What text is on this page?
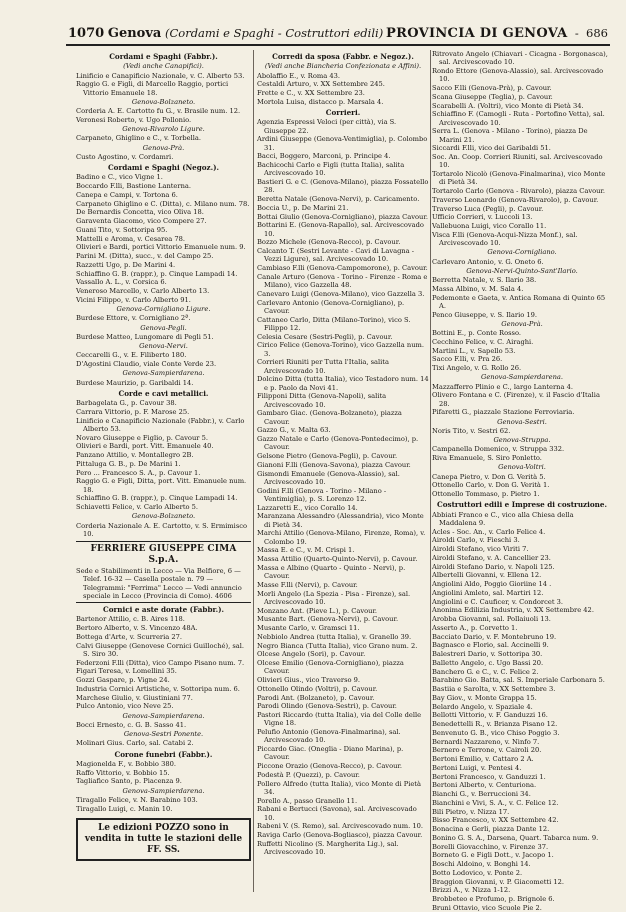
1070 Genova (Cordami e Spaghi - Costruttori edili) PROVINCIA DI GENOVA  -  686
Cordami e Spaghi (Fabbr.).
(Vedi anche Canapifici).
Linificio e Canapificio Nazionale, v. C. Alberto 53.
Raggio G. e Figli, di Marcello Raggio, portici Vittorio Emanuele 18.
Genova-Bolzaneto.
Corderia A. E. Cartotto fu G., v. Brasile num. 12.
Veronesi Roberto, v. Ugo Pollonio.
Genova-Rivarolo Ligure.
Carpaneto, Ghiglino e C., v. Torbella.
Genova-Prà.
Custo Agostino, v. Cordamri.
Cordami e Spaghi (Negoz.).
Badino e C., vico Vigne 1.
Boccardo F.lli, Bastione Lanterna.
Canepa e Campi, v. Tortona 6.
Carpaneto Ghiglino e C. (Ditta), c. Milano num. 78.
De Bernardis Concetta, vico Oliva 18.
Garaventa Giacomo, vico Compere 27.
Guani Tito, v. Sottoripa 95.
Mattelli e Aroma, v. Cesarea 78.
Olivieri e Bardi, portici Vittorio Emanuele num. 9.
Parini M. (Ditta), succ., v. del Campo 25.
Razzetti Ugo, p. De Marini 4.
Schiaffino G. B. (rappr.), p. Cinque Lampadi 14.
Vassallo A. L., v. Corsica 6.
Veneroso Marcello, v. Carlo Alberto 13.
Vicini Filippo, v. Carlo Alberto 91.
Genova-Cornigliano Ligure.
Burdese Ettore, v. Cornigliano 2ª.
Genova-Pegli.
Burdese Matteo, Lungomare di Pegli 51.
Genova-Nervi.
Ceccarelli G., v. E. Filiberto 180.
D'Agostini Claudio, viale Conte Verde 23.
Genova-Sampierdarena.
Burdese Maurizio, p. Garibaldi 14.
Corde e cavi metallici.
Barbagelata G., p. Cavour 38.
Carrara Vittorio, p. F. Marose 25.
Linificio e Canapificio Nazionale (Fabbr.), v. Carlo Alberto 53.
Novaro Giuseppe e Figlio, p. Cavour 5.
Olivieri e Bardi, port. Vitt. Emanuele 40.
Panzano Attilio, v. Montallegro 2B.
Pittaluga G. B., p. De Marini 1.
Pero ... Francesco S. A., p. Cavour 1.
Raggio G. e Figli, Ditta, port. Vitt. Emanuele num. 18.
Schiaffino G. B. (rappr.), p. Cinque Lampadi 14.
Schiavetti Felice, v. Carlo Alberto 5.
Genova-Bolzaneto.
Corderia Nazionale A. E. Cartotto, v. S. Ermimisco 10.
FERRIERE GIUSEPPE CIMA S.p.A.
Sede e Stabilimenti in Lecco — Via Belfiore, 6 — Telef. 16-32 — Casella postale n. 79 — Telegrammi: "Ferrima" Lecco — Vedi annuncio speciale in Lecco (Provincia di Como). 4606
Cornici e aste dorate (Fabbr.).
Bartenor Attilio, c. B. Aires 118.
Bertoro Alberto, v. S. Vincenzo 48A.
Bottega d'Arte, v. Scurreria 27.
Calvi Giuseppe (Genovese Cornici Guilloché), sal. S. Siro 30.
Federzoni F.lli (Ditta), vico Campo Pisano num. 7.
Figari Teresa, v. Lomellini 35.
Gozzi Gaspare, p. Vigne 24.
Industria Cornici Artistiche, v. Sottoripa num. 6.
Marchese Giulio, v. Giustiniani 77.
Pulco Antonio, vico Neve 25.
Genova-Sampierdarena.
Bocci Ernesto, c. G. B. Sasso 41.
Genova-Sestri Ponente.
Molinari Gius. Carlo, sal. Catabi 2.
Corone funebri (Fabbr.).
Magionelda F., v. Bobbio 380.
Raffo Vittorio, v. Bobbio 15.
Tagliafico Santo, p. Piacenza 9.
Genova-Sampierdarena.
Tiragallo Felice, v. N. Barabino 103.
Tiragallo Luigi, c. Manin 10.
Le edizioni POZZO sono in vendita in tutte le stazioni delle FF. SS.
Corredi da sposa (Fabbr. e Negoz.).
(Vedi anche Biancheria Confezionata e Affini).
Abolaffio E., v. Roma 43.
Cestaldi Arturo, v. XX Settembre 245.
Frette e C., v. XX Settembre 23.
Mortola Luisa, distacco p. Marsala 4.
Corrieri.
Agenzia Espressi Veloci (per città), via S. Giuseppe 22.
Ardini Giuseppe (Genova-Ventimiglia), p. Colombo 31.
Bacci, Boggero, Marconi, p. Principe 4.
Bachicochi Carlo e Figli (tutta Italia), salita Arcivescovado 10.
Bastieri G. e C. (Genova-Milano), piazza Fossatello 28.
Beretta Natale (Genova-Nervi), p. Caricamento.
Boccia U., p. De Marini 21.
Bottai Giulio (Genova-Cornigliano), piazza Cavour.
Bottarini E. (Genova-Rapallo), sal. Arcivescovado 10.
Bozzo Michele (Genova-Recco), p. Cavour.
Calcanto T. (Sestri Levante - Cavi di Lavagna - Vezzi Ligure), sal. Arcivescovado 10.
Cambiaso F.lli (Genova-Campomorone), p. Cavour.
Canale Arturo (Genova - Torino - Firenze - Roma e Milano), vico Gazzella 48.
Canevaro Luigi (Genova-Milano), vico Gazzella 3.
Carlevaro Antonio (Genova-Cornigliano), p. Cavour.
Cattaneo Carlo, Ditta (Milano-Torino), vico S. Filippo 12.
Celesia Cesare (Sestri-Pegli), p. Cavour.
Cirico Felice (Genova-Torino), vico Gazzella num. 3.
Corrieri Riuniti per Tutta l'Italia, salita Arcivescovado 10.
Dolcino Ditta (tutta Italia), vico Testadoro num. 14 e p. Paolo da Novi 41.
Filipponi Ditta (Genova-Napoli), salita Arcivescovado 10.
Gambaro Giac. (Genova-Bolzaneto), piazza Cavour.
Gazzo G., v. Malta 63.
Gazzo Natale e Carlo (Genova-Pontedecimo), p. Cavour.
Gelsone Pietro (Genova-Pegli), p. Cavour.
Gianoni F.lli (Genova-Savona), piazza Cavour.
Gismondi Emanuele (Genova-Alassio), sal. Arcivescovado 10.
Godini F.lli (Genova - Torino - Milano - Ventimiglia), p. S. Lorenzo 12.
Lazzaretti E., vico Corallo 14.
Maranzana Alessandro (Alessandria), vico Monte di Pietà 34.
Marchi Attilio (Genova-Milano, Firenze, Roma), v. Colombo 19.
Massa E. e C., v. M. Crispi 1.
Massa Attilio (Quarto-Quinto-Nervi), p. Cavour.
Massa e Albino (Quarto - Quinto - Nervi), p. Cavour.
Masse F.lli (Nervi), p. Cavour.
Morli Angelo (La Spezia - Pisa - Firenze), sal. Arcivescovado 10.
Monzano Ant. (Pieve L.), p. Cavour.
Musante Bart. (Genova-Nervi), p. Cavour.
Musante Carlo, v. Gramsci 11.
Nebbiolo Andrea (tutta Italia), v. Granello 39.
Negro Bianca (Tutta Italia), vico Grano num. 2.
Olcese Angelo (Sori), p. Cavour.
Olcese Emilio (Genova-Cornigliano), piazza Cavour.
Olivieri Gius., vico Traverso 9.
Ottonello Olindo (Voltri), p. Cavour.
Parodi Ant. (Bolzaneto), p. Cavour.
Parodi Olindo (Genova-Sestri), p. Cavour.
Pastori Riccardo (tutta Italia), via del Colle delle Vigne 18.
Pelufio Antonio (Genova-Finalmarina), sal. Arcivescovado 10.
Piccardo Giac. (Oneglia - Diano Marina), p. Cavour.
Piccone Orazio (Genova-Recco), p. Cavour.
Podestà P. (Quezzi), p. Cavour.
Pollero Alfredo (tutta Italia), vico Monte di Pietà 34.
Porello A., passo Granello 11.
Rabani e Bertucci (Savona), sal. Arcivescovado 10.
Rabeni V. (S. Remo), sal. Arcivescovado num. 10.
Raviga Carlo (Genova-Bogliasco), piazza Cavour.
Ruffetti Nicolino (S. Margherita Lig.), sal. Arcivescovado 10.
Ritrovato Angelo (Chiavari - Cicagna - Borgonasca), sal. Arcivescovado 10.
Rondo Ettore (Genova-Alassio), sal. Arcivescovado 10.
Sacco F.lli (Genova-Prà), p. Cavour.
Scana Giuseppe (Teglia), p. Cavour.
Scarabelli A. (Voltri), vico Monte di Pietà 34.
Schiaffino F. (Camogli - Ruta - Portofino Vetta), sal. Arcivescovado 10.
Serra L. (Genova - Milano - Torino), piazza De Marini 21.
Siccardi F.lli, vico dei Garibaldi 51.
Soc. An. Coop. Corrieri Riuniti, sal. Arcivescovado 10.
Tortarolo Nicolò (Genova-Finalmarina), vico Monte di Pietà 34.
Tortarolo Carlo (Genova - Rivarolo), piazza Cavour.
Traverso Leonardo (Genova-Rivarolo), p. Cavour.
Traverso Luca (Pegli), p. Cavour.
Ufficio Corrieri, v. Luccoli 13.
Vallebuona Luigi, vico Corallo 11.
Visca F.lli (Genova-Acqui-Nizza Monf.), sal. Arcivescovado 10.
Genova-Cornigliano.
Carlevaro Antonio, v. G. Oneto 6.
Genova-Nervi-Quinto-Sant'Ilario.
Berretta Natale, v. S. Ilario 38.
Massa Albino, v. M. Sala 4.
Pedemonte e Gaeta, v. Antica Romana di Quinto 65 A.
Penco Giuseppe, v. S. Ilario 19.
Genova-Prà.
Bottini E., p. Conte Rosso.
Cecchino Felice, v. C. Airaghi.
Martini L., v. Sapello 53.
Sacco F.lli, v. Pra 26.
Tixi Angelo, v. G. Rollo 26.
Genova-Sampierdarena.
Mazzafferro Plinio e C., largo Lanterna 4.
Olivero Fontana e C. (Firenze), v. il Fascio d'Italia 28.
Pifaretti G., piazzale Stazione Ferroviaria.
Genova-Sestri.
Noris Tito, v. Sestri 62.
Genova-Struppa.
Campanella Domenico, v. Struppa 332.
Riva Emanuele, S. Siro Ponletto.
Genova-Voltri.
Canepa Pietro, v. Don G. Verità 5.
Ottonello Carlo, v. Don G. Verità 1.
Ottonello Tommaso, p. Pietro 1.
Costruttori edili e Imprese di costruzione.
Abbiati Franco e C., vico alla Chiesa della Maddalena 9.
Acles - Soc. An., v. Carlo Felice 4.
Airoldi Carlo, v. Fieschi 3.
Airoldi Stefano, vico Viriti 7.
Airoldi Stefano, v. A. Cancellier 23.
Airoldi Stefano Dario, v. Napoli 125.
Albertelli Giovanni, v. Ellena 12.
Angiolini Aldo, Poggio Gioriine 14 .
Angiolini Amleto, sal. Martiri 12.
Angiolini e C. Cauficer, v. Condorcet 3.
Anonima Edilizia Industria, v. XX Settembre 42.
Arobba Giovanni, sal. Pollaiuoli 13.
Asserto A., p. Corvetto 1.
Bacciato Dario, v. F. Montebruno 19.
Bagnasco e Florio, sal. Accinelli 9.
Balestreri Dario, v. Sottoripa 30.
Balletto Angelo, c. Ugo Bassi 20.
Banchero G. e C., v. C. Felice 2.
Barabino Gio. Batta, sal. S. Imperiale Carbonara 5.
Bastiia e Sarolta, v. XX Settembre 3.
Bay Giov., v. Monte Grappa 15.
Belardo Angelo, v. Spaziale 4.
Bellotti Vittorio, v. F. Ganduzzi 16.
Benedettelli R., v. Brianza Pisano 12.
Benvenuto G. B., vico Chiso Poggio 3.
Bernardi Nazzareno, v. Ninfo 7.
Bernero e Terrone, v. Cairoli 20.
Bertoni Emilio, v. Cattaro 2 A.
Bertoni Luigi, v. Pentesi 4.
Bertoni Francesco, v. Ganduzzi 1.
Bertoni Alberto, v. Centuriona.
Bianchi G., v. Berruccioni 34.
Bianchini e Vivi, S. A., v. C. Felice 12.
Bili Pietro, v. Nizza 17.
Bisso Francesco, v. XX Settembre 42.
Bonacina e Gerli, piazza Dante 12.
Bonino G. S. A., Darsena, Quart. Tabarca num. 9.
Borelli Giovacchino, v. Firenze 37.
Borneto G. e Figli Dott., v. Jacopo 1.
Boschi Aldoino, v. Bonghi 14.
Botto Lodovico, v. Ponte 2.
Braggion Giovanni, v. P. Giacometti 12.
Brizzi A., v. Nizza 1-12.
Brobbeteo e Profumo, p. Brignole 6.
Bruni Ottavio, vico Scuole Pie 2.
